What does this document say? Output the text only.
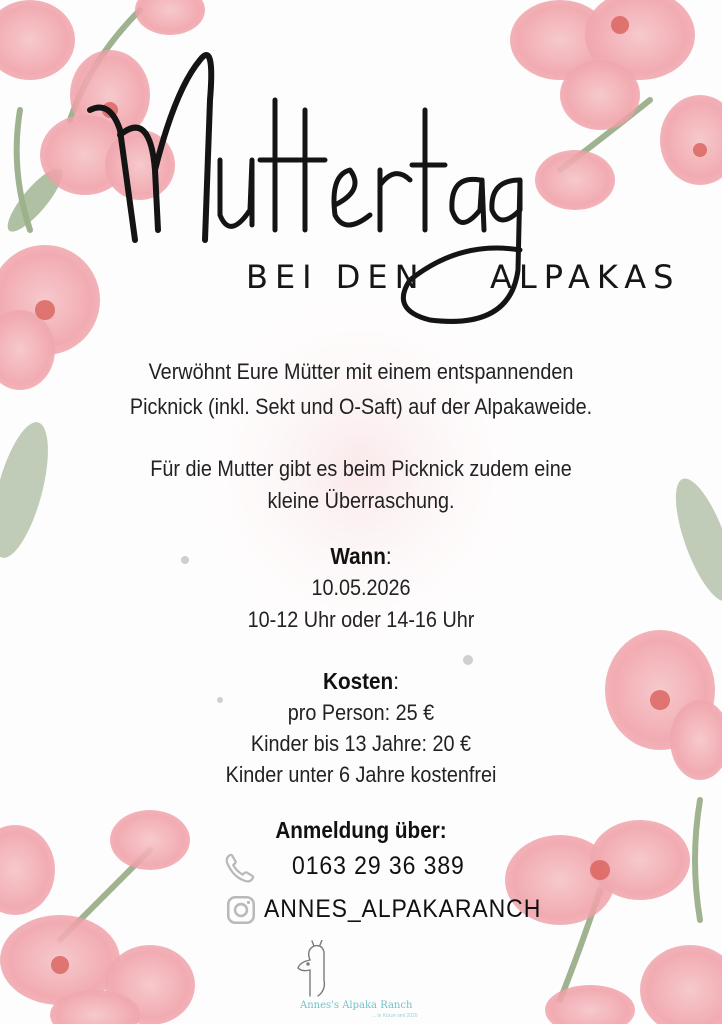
BEI DEN ALPAKAS
Verwöhnt Eure Mütter mit einem entspannenden
Picknick (inkl. Sekt und O-Saft) auf der Alpakaweide.
Für die Mutter gibt es beim Picknick zudem eine
kleine Überraschung.
Wann:
10.05.2026
10-12 Uhr oder 14-16 Uhr
Kosten:
pro Person: 25 €
Kinder bis 13 Jahre: 20 €
Kinder unter 6 Jahre kostenfrei
Anmeldung über:
0163 29 36 389
ANNES_ALPAKARANCH
Annes's Alpaka Ranch
... in Kürze seit 2020
